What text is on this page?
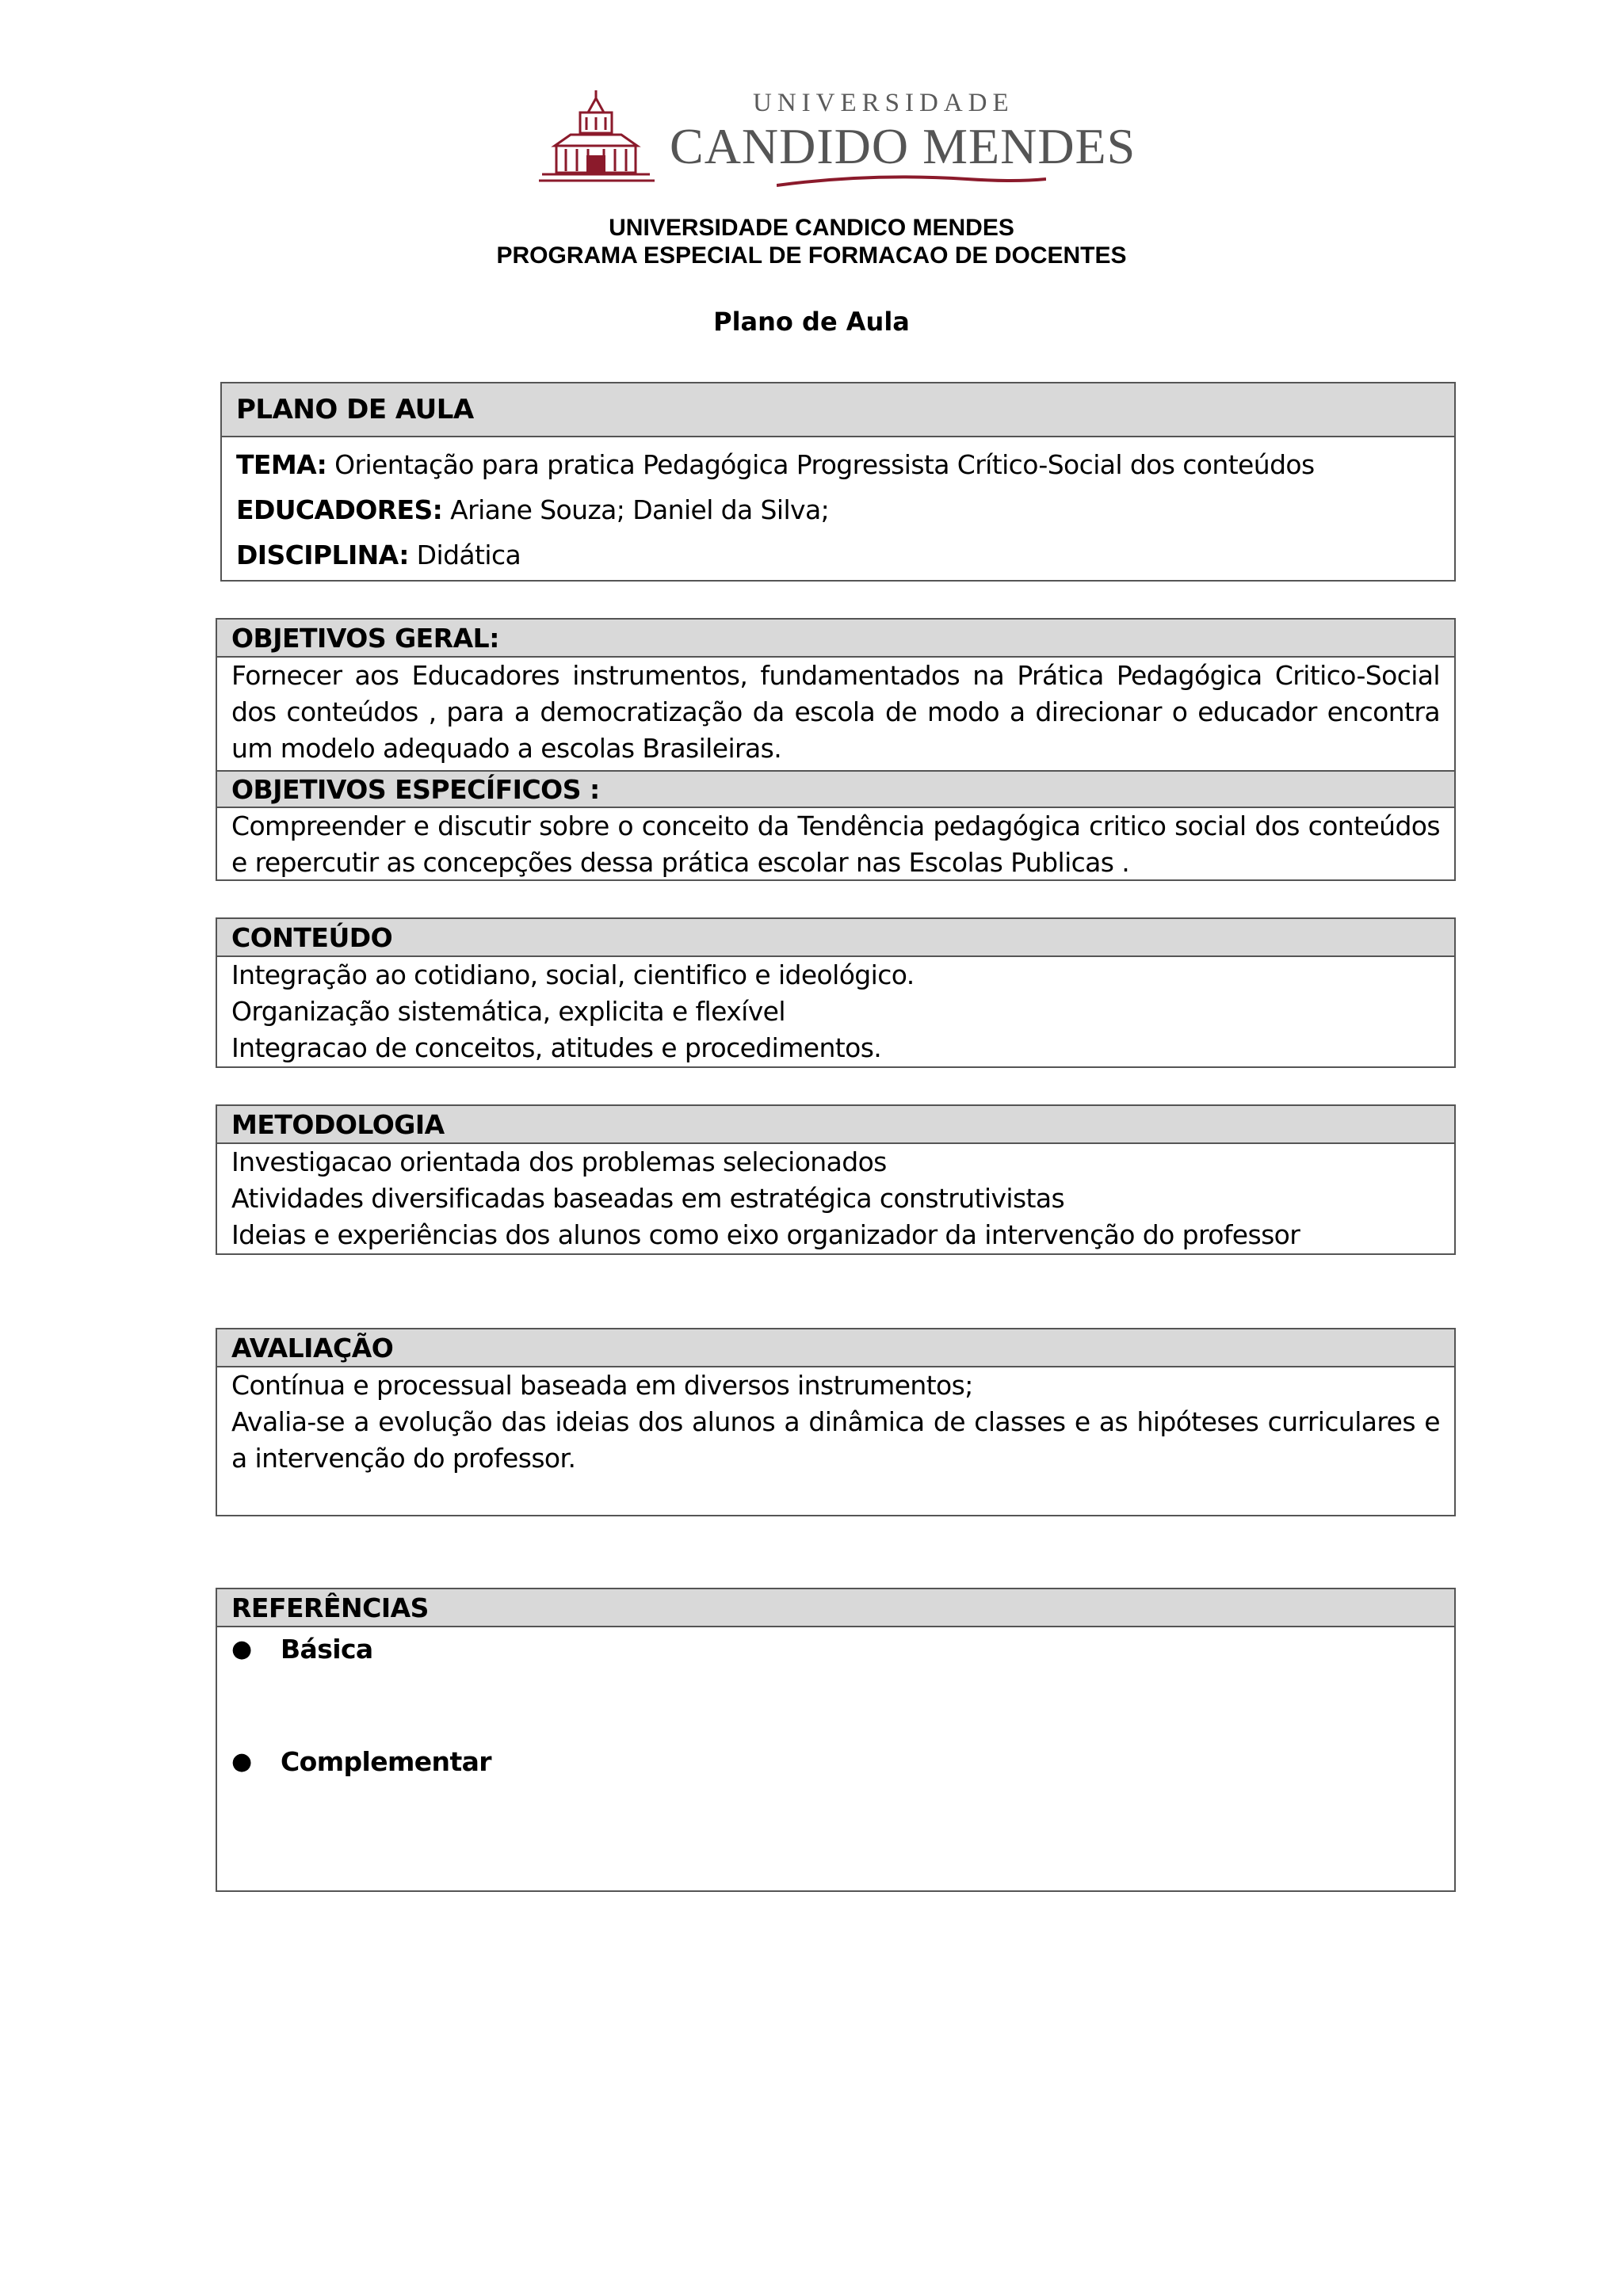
UNIVERSIDADE
CANDIDO MENDES
UNIVERSIDADE CANDICO MENDES
PROGRAMA ESPECIAL DE FORMACAO DE DOCENTES
Plano de Aula
PLANO DE AULA
TEMA: Orientação para pratica Pedagógica Progressista Crítico-Social dos conteúdos
EDUCADORES: Ariane Souza; Daniel da Silva;
DISCIPLINA: Didática
OBJETIVOS GERAL:
Fornecer aos Educadores instrumentos, fundamentados na Prática Pedagógica Critico-Social dos conteúdos , para a democratização da escola de modo a direcionar o educador encontra um modelo adequado a escolas Brasileiras.
OBJETIVOS ESPECÍFICOS :
Compreender e discutir sobre o conceito da Tendência pedagógica critico social dos conteúdos e repercutir as concepções dessa prática escolar nas Escolas Publicas .
CONTEÚDO
Integração ao cotidiano, social, cientifico e ideológico.
Organização sistemática, explicita e flexível
Integracao de conceitos, atitudes e procedimentos.
METODOLOGIA
Investigacao orientada dos problemas selecionados
Atividades diversificadas baseadas em estratégica construtivistas
Ideias e experiências dos alunos como eixo organizador da intervenção do professor
AVALIAÇÃO
Contínua e processual baseada em diversos instrumentos;
Avalia-se a evolução das ideias dos alunos a dinâmica de classes e as hipóteses curriculares e a intervenção do professor.
REFERÊNCIAS
●	Básica
●	Complementar
